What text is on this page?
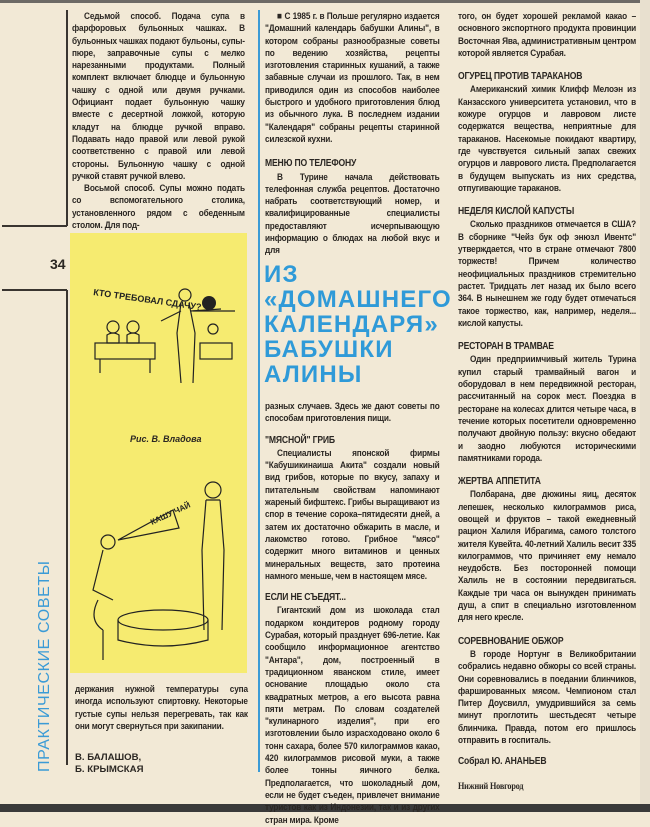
34
ПРАКТИЧЕСКИЕ СОВЕТЫ

Седьмой способ. Подача супа в фарфоровых бульонных чашках. В бульонных чашках подают бульоны, супы-пюре, заправочные супы с мелко нарезанными продуктами. Полный комплект включает блюдце и бульонную чашку с одной или двумя ручками. Официант подает бульонную чашку вместе с десертной ложкой, которую кладут на блюдце ручкой вправо. Подавать надо правой или левой рукой соответственно с правой или левой стороны. Бульонную чашку с одной ручкой ставят ручкой влево.

Восьмой способ. Супы можно подать со вспомогательного столика, установленного рядом с обеденным столом. Для под-

КТО ТРЕБОВАЛ СДАЧУ?
Рис. В. Владова
КАШУ ЧАЙ

держания нужной температуры супа иногда используют спиртовку. Некоторые густые супы нельзя перегревать, так как они могут свернуться при закипании.

В. БАЛАШОВ,
Б. КРЫМСКАЯ

■ С 1985 г. в Польше регулярно издается "Домашний календарь бабушки Алины", в котором собраны разнообразные советы по ведению хозяйства, рецепты изготовления старинных кушаний, а также забавные случаи из прошлого. Так, в нем приводился один из способов наиболее быстрого и удобного приготовления блюд из обычного лука. В последнем издании "Календаря" собраны рецепты старинной силезской кухни.

МЕНЮ ПО ТЕЛЕФОНУ

В Турине начала действовать телефонная служба рецептов. Достаточно набрать соответствующий номер, и квалифицированные специалисты предоставляют исчерпывающую информацию о блюдах на любой вкус и для

ИЗ
«ДОМАШНЕГО
КАЛЕНДАРЯ»
БАБУШКИ
АЛИНЫ

разных случаев. Здесь же дают советы по способам приготовления пищи.

"МЯСНОЙ" ГРИБ

Специалисты японской фирмы "Кабушикинаиша Акита" создали новый вид грибов, которые по вкусу, запаху и питательным свойствам напоминают жареный бифштекс. Грибы выращивают из спор в течение сорока–пятидесяти дней, а затем их достаточно обжарить в масле, и лакомство готово. Грибное "мясо" содержит много витаминов и ценных минеральных веществ, зато протеина намного меньше, чем в настоящем мясе.

ЕСЛИ НЕ СЪЕДЯТ...

Гигантский дом из шоколада стал подарком кондитеров родному городу Сурабая, который празднует 696-летие. Как сообщило информационное агентство "Антара", дом, построенный в традиционном яванском стиле, имеет основание площадью около ста квадратных метров, а его высота равна пяти метрам. По словам создателей "кулинарного изделия", при его изготовлении было израсходовано около 6 тонн сахара, более 570 килограммов какао, 420 килограммов рисовой муки, а также более тонны яичного белка. Предполагается, что шоколадный дом, если не будет съеден, привлечет внимание туристов как из Индонезии, так и из других стран мира. Кроме

того, он будет хорошей рекламой какао – основного экспортного продукта провинции Восточная Ява, административным центром которой является Сурабая.

ОГУРЕЦ ПРОТИВ ТАРАКАНОВ

Американский химик Клифф Мелоэн из Канзасского университета установил, что в кожуре огурцов и лавровом листе содержатся вещества, неприятные для тараканов. Насекомые покидают квартиру, где чувствуется сильный запах свежих огурцов и лаврового листа. Предполагается в будущем выпускать из них средства, отпугивающие тараканов.

НЕДЕЛЯ КИСЛОЙ КАПУСТЫ

Сколько праздников отмечается в США? В сборнике "Чейз бук оф энюзл Ивентс" утверждается, что в стране отмечают 7800 торжеств! Причем количество неофициальных праздников стремительно растет. Тридцать лет назад их было всего 364. В нынешнем же году будет отмечаться такое торжество, как, например, неделя... кислой капусты.

РЕСТОРАН В ТРАМВАЕ

Один предприимчивый житель Турина купил старый трамвайный вагон и оборудовал в нем передвижной ресторан, рассчитанный на сорок мест. Поездка в ресторане на колесах длится четыре часа, в течение которых посетители одновременно получают двойную пользу: вкусно обедают и заодно любуются историческими памятниками города.

ЖЕРТВА АППЕТИТА

Полбарана, две дюжины яиц, десяток лепешек, несколько килограммов риса, овощей и фруктов – такой ежедневный рацион Халиля Ибрагима, самого толстого жителя Кувейта. 40-летний Халиль весит 335 килограммов, что причиняет ему немало неудобств. Без посторонней помощи Халиль не в состоянии передвигаться. Каждые три часа он вынужден принимать душ, а спит в специально изготовленном для него кресле.

СОРЕВНОВАНИЕ ОБЖОР

В городе Нортунг в Великобритании собрались недавно обжоры со всей страны. Они соревновались в поедании блинчиков, фаршированных мясом. Чемпионом стал Питер Доусвилл, умудрившийся за семь минут проглотить шестьдесят четыре блинчика. Правда, потом его пришлось отправить в госпиталь.

Собрал Ю. АНАНЬЕВ
Нижний Новгород
